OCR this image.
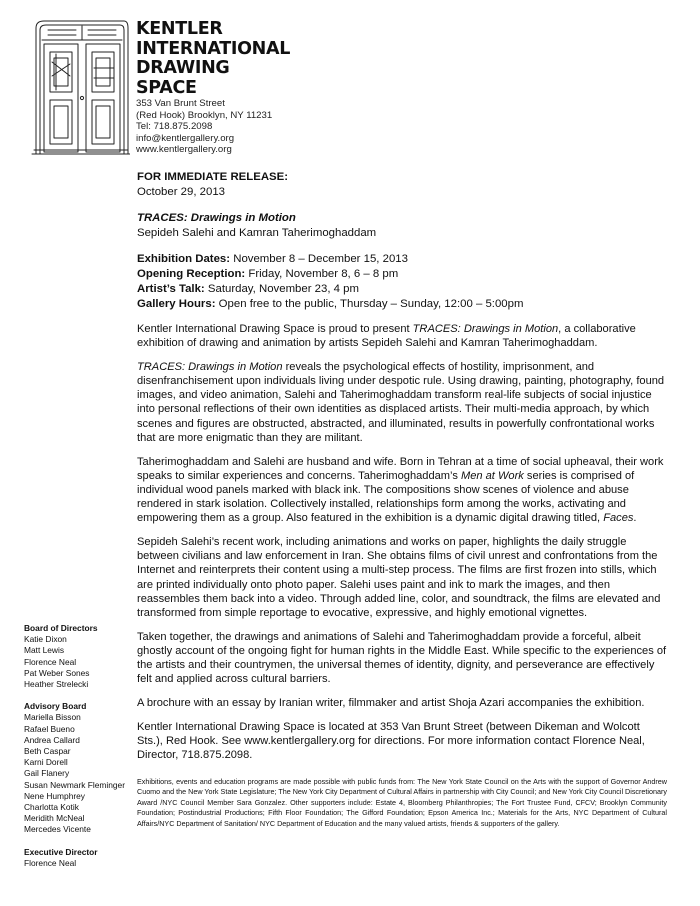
KENTLER
INTERNATIONAL
DRAWING
SPACE
353 Van Brunt Street
(Red Hook) Brooklyn, NY 11231
Tel: 718.875.2098
info@kentlergallery.org
www.kentlergallery.org

FOR IMMEDIATE RELEASE:

October 29, 2013

TRACES: Drawings in Motion

Sepideh Salehi and Kamran Taherimoghaddam

Exhibition Dates: November 8 – December 15, 2013

Opening Reception: Friday, November 8, 6 – 8 pm

Artist’s Talk: Saturday, November 23, 4 pm

Gallery Hours: Open free to the public, Thursday – Sunday, 12:00 – 5:00pm

Kentler International Drawing Space is proud to present TRACES: Drawings in Motion, a collaborative exhibition of drawing and animation by artists Sepideh Salehi and Kamran Taherimoghaddam.

TRACES: Drawings in Motion reveals the psychological effects of hostility, imprisonment, and disenfranchisement upon individuals living under despotic rule. Using drawing, painting, photography, found images, and video animation, Salehi and Taherimoghaddam transform real-life subjects of social injustice into personal reflections of their own identities as displaced artists. Their multi-media approach, by which scenes and figures are obstructed, abstracted, and illuminated, results in powerfully confrontational works that are more enigmatic than they are militant.

Taherimoghaddam and Salehi are husband and wife. Born in Tehran at a time of social upheaval, their work speaks to similar experiences and concerns. Taherimoghaddam’s Men at Work series is comprised of individual wood panels marked with black ink. The compositions show scenes of violence and abuse rendered in stark isolation. Collectively installed, relationships form among the works, activating and empowering them as a group. Also featured in the exhibition is a dynamic digital drawing titled, Faces.

Sepideh Salehi’s recent work, including animations and works on paper, highlights the daily struggle between civilians and law enforcement in Iran. She obtains films of civil unrest and confrontations from the Internet and reinterprets their content using a multi-step process. The films are first frozen into stills, which are printed individually onto photo paper. Salehi uses paint and ink to mark the images, and then reassembles them back into a video. Through added line, color, and soundtrack, the films are elevated and transformed from simple reportage to evocative, expressive, and highly emotional vignettes.

Taken together, the drawings and animations of Salehi and Taherimoghaddam provide a forceful, albeit ghostly account of the ongoing fight for human rights in the Middle East. While specific to the experiences of the artists and their countrymen, the universal themes of identity, dignity, and perseverance are effectively felt and applied across cultural barriers.

A brochure with an essay by Iranian writer, filmmaker and artist Shoja Azari accompanies the exhibition.

Kentler International Drawing Space is located at 353 Van Brunt Street (between Dikeman and Wolcott Sts.), Red Hook. See www.kentlergallery.org for directions. For more information contact Florence Neal, Director, 718.875.2098.

Exhibitions, events and education programs are made possible with public funds from: The New York State Council on the Arts with the support of Governor Andrew Cuomo and the New York State Legislature; The New York City Department of Cultural Affairs in partnership with City Council; and New York City Council Discretionary Award /NYC Council Member Sara Gonzalez. Other supporters include: Estate 4, Bloomberg Philanthropies; The Fort Trustee Fund, CFCV; Brooklyn Community Foundation; Postindustrial Productions; Fifth Floor Foundation; The Gifford Foundation; Epson America Inc.; Materials for the Arts, NYC Department of Cultural Affairs/NYC Department of Sanitation/ NYC Department of Education and the many valued artists, friends & supporters of the gallery.

Board of Directors
Katie Dixon
Matt Lewis
Florence Neal
Pat Weber Sones
Heather Strelecki
Advisory Board
Mariella Bisson
Rafael Bueno
Andrea Callard
Beth Caspar
Karni Dorell
Gail Flanery
Susan Newmark Fleminger
Nene Humphrey
Charlotta Kotik
Meridith McNeal
Mercedes Vicente
Executive Director
Florence Neal
